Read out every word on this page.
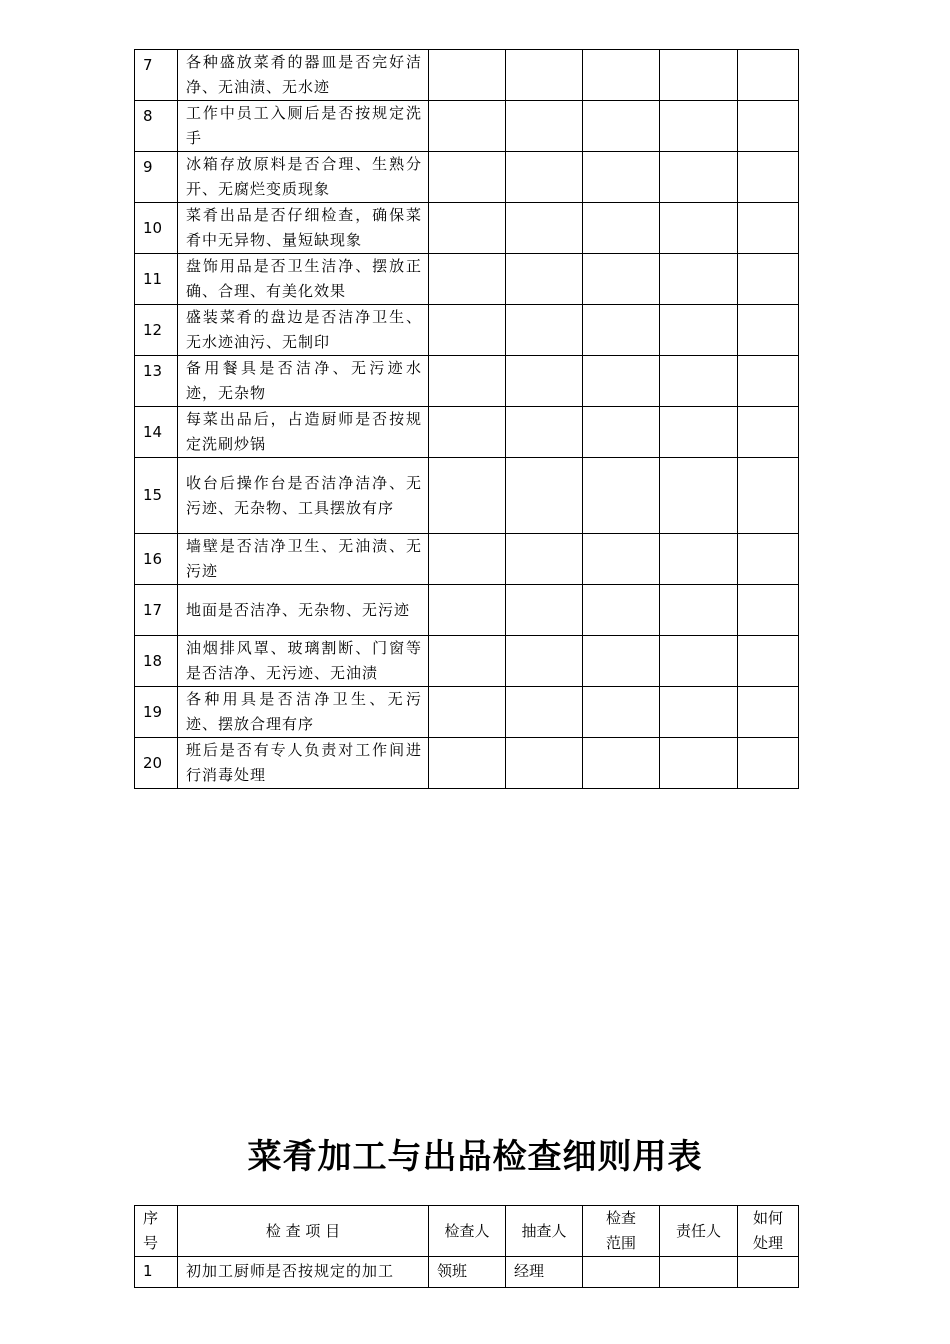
7	各种盛放菜肴的器皿是否完好洁净、无油渍、无水迹					
8	工作中员工入厕后是否按规定洗手					
9	冰箱存放原料是否合理、生熟分开、无腐烂变质现象					
10	菜肴出品是否仔细检查，确保菜肴中无异物、量短缺现象					
11	盘饰用品是否卫生洁净、摆放正确、合理、有美化效果					
12	盛装菜肴的盘边是否洁净卫生、无水迹油污、无制印					
13	备用餐具是否洁净、无污迹水迹，无杂物					
14	每菜出品后，占造厨师是否按规定洗刷炒锅					
15	收台后操作台是否洁净洁净、无污迹、无杂物、工具摆放有序					
16	墙壁是否洁净卫生、无油渍、无污迹					
17	地面是否洁净、无杂物、无污迹					
18	油烟排风罩、玻璃割断、门窗等是否洁净、无污迹、无油渍					
19	各种用具是否洁净卫生、无污迹、摆放合理有序					
20	班后是否有专人负责对工作间进行消毒处理					
菜肴加工与出品检查细则用表
序号	检 查 项 目	检查人	抽查人	检查范围	责任人	如何处理

1	初加工厨师是否按规定的加工	领班	经理			
